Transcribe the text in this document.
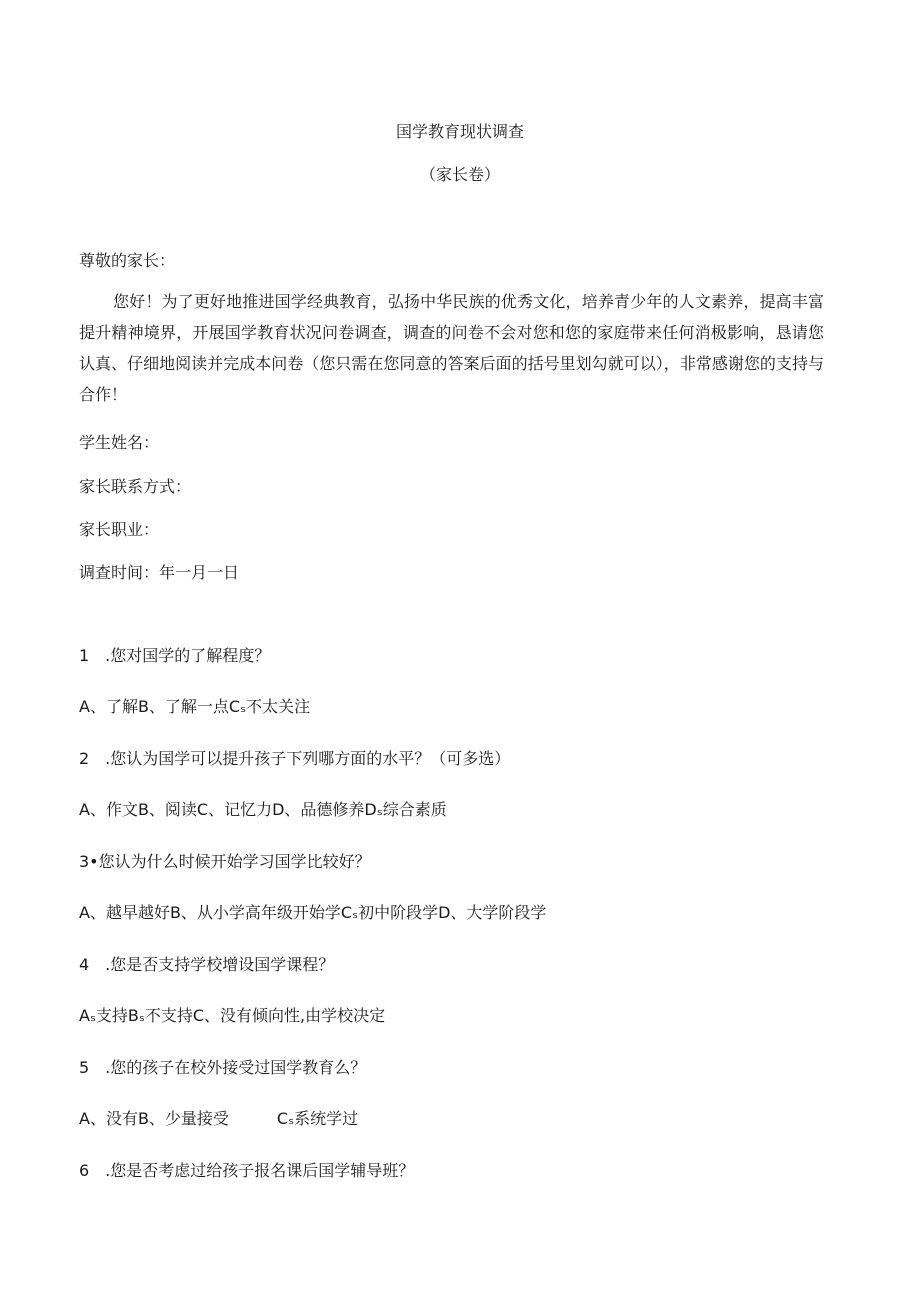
国学教育现状调查
（家长卷）
尊敬的家长：
您好！为了更好地推进国学经典教育，弘扬中华民族的优秀文化，培养青少年的人文素养，提高丰富提升精神境界，开展国学教育状况问卷调查，调查的问卷不会对您和您的家庭带来任何消极影响，恳请您认真、仔细地阅读并完成本问卷（您只需在您同意的答案后面的括号里划勾就可以），非常感谢您的支持与合作！
学生姓名：
家长联系方式：
家长职业：
调查时间：年一月一日
1　.您对国学的了解程度？
A、了解B、了解一点Cₛ不太关注
2　.您认为国学可以提升孩子下列哪方面的水平？（可多选）
A、作文B、阅读C、记忆力D、品德修养Dₛ综合素质
3•您认为什么时候开始学习国学比较好？
A、越早越好B、从小学高年级开始学Cₛ初中阶段学D、大学阶段学
4　.您是否支持学校增设国学课程？
Aₛ支持Bₛ不支持C、没有倾向性,由学校决定
5　.您的孩子在校外接受过国学教育么？
A、没有B、少量接受　　　Cₛ系统学过
6　.您是否考虑过给孩子报名课后国学辅导班？
